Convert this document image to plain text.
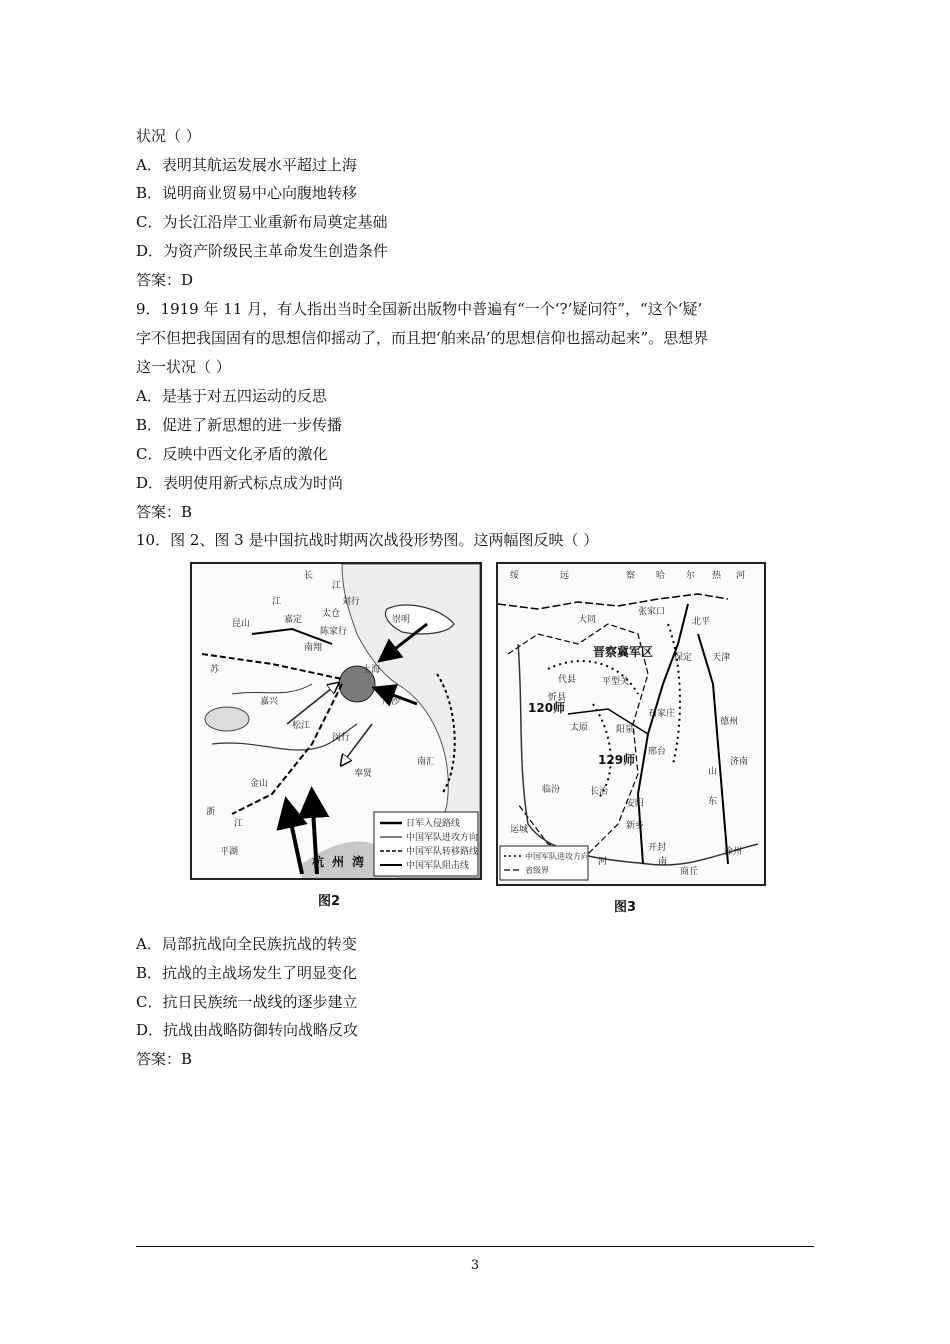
状况（ ）
A．表明其航运发展水平超过上海
B．说明商业贸易中心向腹地转移
C．为长江沿岸工业重新布局奠定基础
D．为资产阶级民主革命发生创造条件
答案：D
9．1919 年 11 月，有人指出当时全国新出版物中普遍有“一个‘?’疑问符”，“这个‘疑’
字不但把我国固有的思想信仰摇动了，而且把‘舶来品’的思想信仰也摇动起来”。思想界
这一状况（ ）
A．是基于对五四运动的反思
B．促进了新思想的进一步传播
C．反映中西文化矛盾的激化
D．表明使用新式标点成为时尚
答案：B
10．图 2、图 3 是中国抗战时期两次战役形势图。这两幅图反映（ ）
长
江
江
昆山	嘉定
太仓
南翔
陈家行
刘行
崇明
上海
川沙
南汇
奉贤
松江
闵行
嘉兴
金山
平湖
浙
江
苏
杭 州 湾
日军入侵路线
中国军队进攻方向
中国军队转移路线
中国军队阻击线
图2
晋察冀军区
120师
129师
绥	远	察 哈 尔 热 河
大同
张家口
北平
天津
保定
石家庄
太原
平型关
代县
忻县
阳泉
长治
临汾
运城	新乡
开封
安阳
邢台
德州
济南
山
东
商丘
徐州
河	南
中国军队进攻方向
省级界
图3
A．局部抗战向全民族抗战的转变
B．抗战的主战场发生了明显变化
C．抗日民族统一战线的逐步建立
D．抗战由战略防御转向战略反攻
答案：B
3
